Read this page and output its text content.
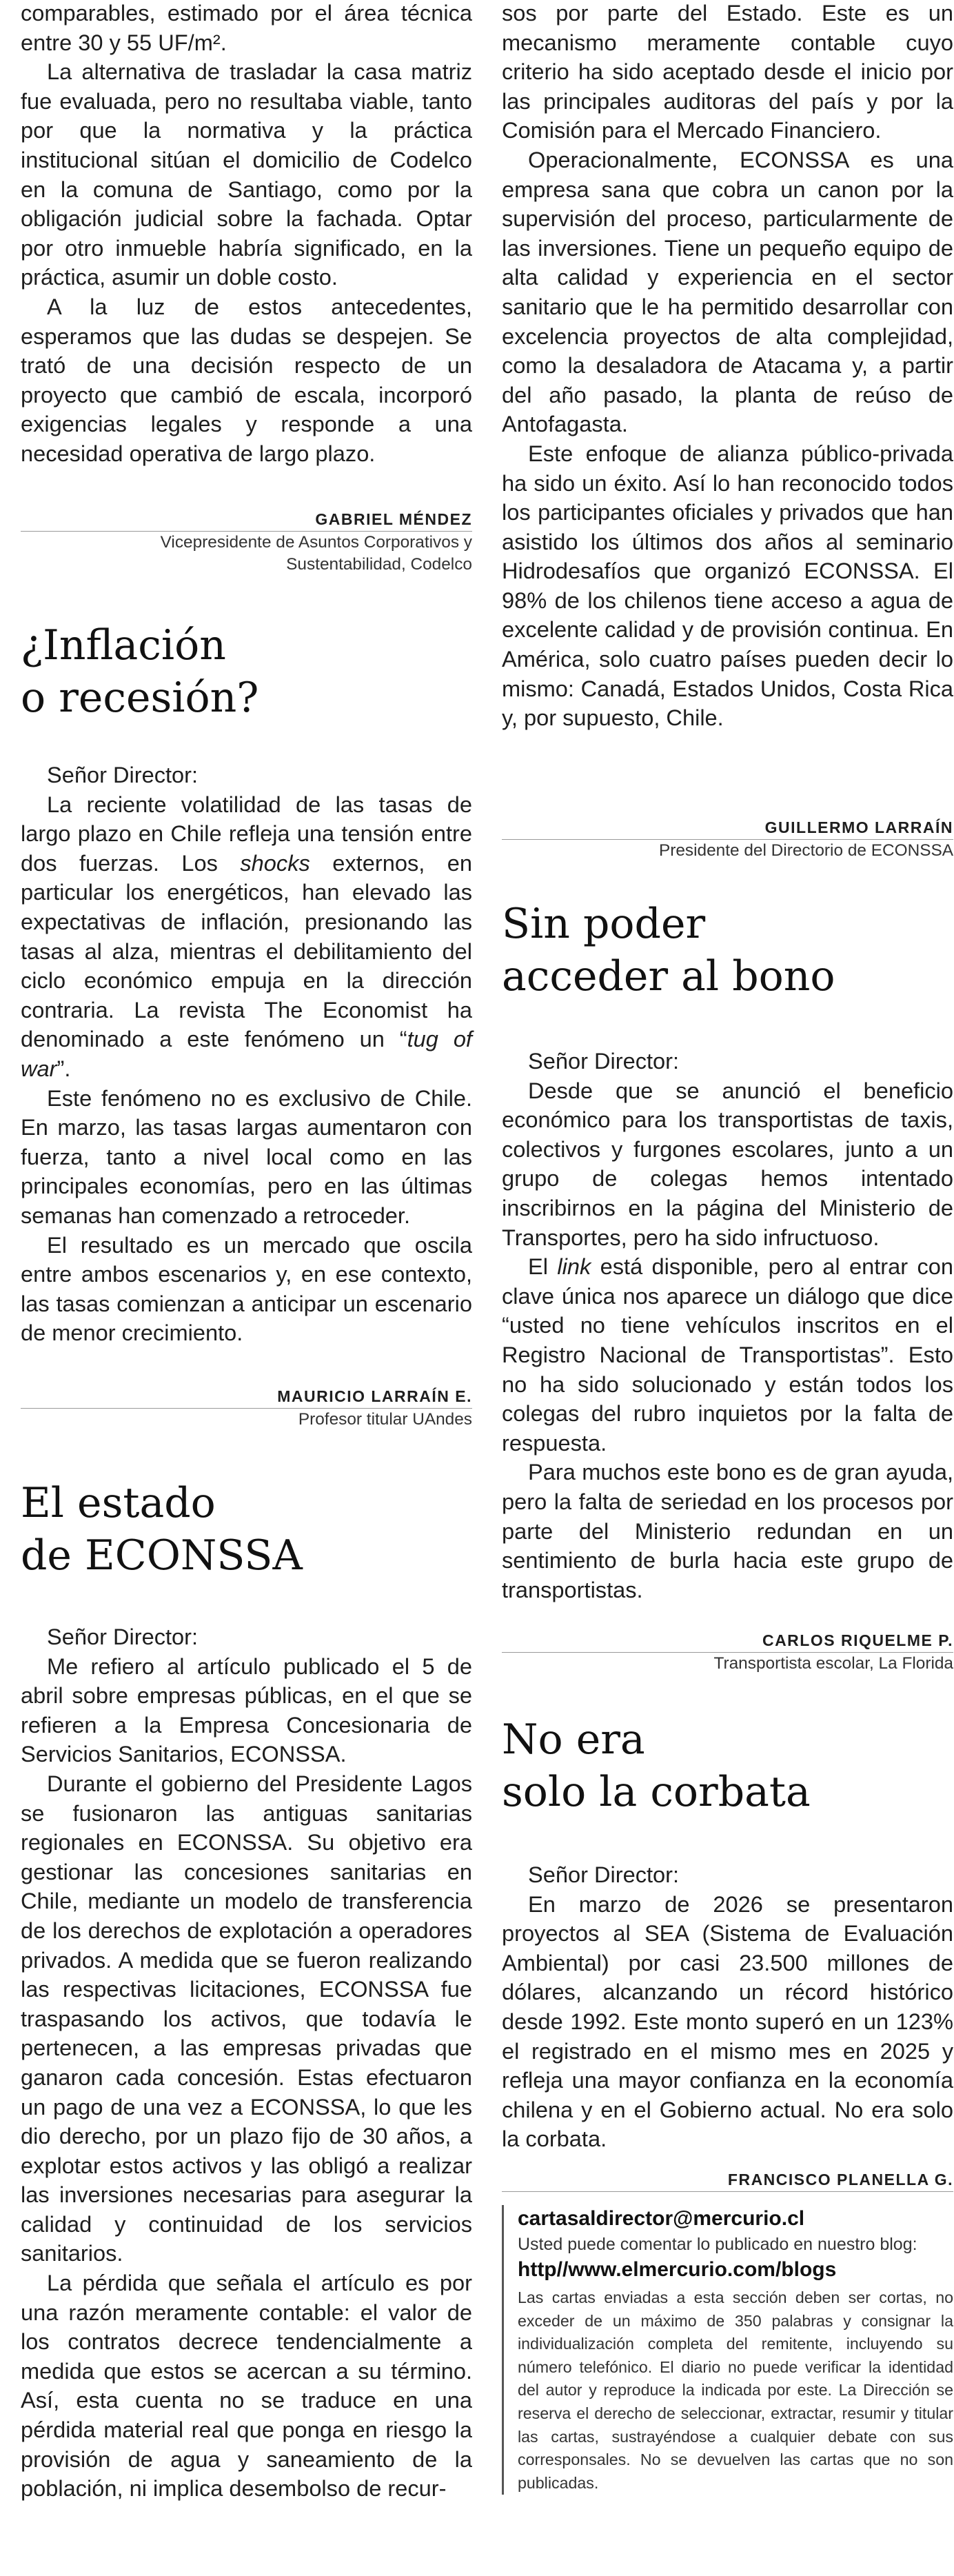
comparables, estimado por el área técnica entre 30 y 55 UF/m².

La alternativa de trasladar la casa matriz fue evaluada, pero no resultaba viable, tanto por que la normativa y la práctica institucional sitúan el domicilio de Codelco en la comuna de Santiago, como por la obligación judicial sobre la fachada. Optar por otro inmueble habría significado, en la práctica, asumir un doble costo.

A la luz de estos antecedentes, esperamos que las dudas se despejen. Se trató de una decisión respecto de un proyecto que cambió de escala, incorporó exigencias legales y responde a una necesidad operativa de largo plazo.

GABRIEL MÉNDEZ
Vicepresidente de Asuntos Corporativos y
Sustentabilidad, Codelco
¿Inflación
o recesión?

Señor Director:

La reciente volatilidad de las tasas de largo plazo en Chile refleja una tensión entre dos fuerzas. Los shocks externos, en particular los energéticos, han elevado las expectativas de inflación, presionando las tasas al alza, mientras el debilitamiento del ciclo económico empuja en la dirección contraria. La revista The Economist ha denominado a este fenómeno un “tug of war”.

Este fenómeno no es exclusivo de Chile. En marzo, las tasas largas aumentaron con fuerza, tanto a nivel local como en las principales economías, pero en las últimas semanas han comenzado a retroceder.

El resultado es un mercado que oscila entre ambos escenarios y, en ese contexto, las tasas comienzan a anticipar un escenario de menor crecimiento.

MAURICIO LARRAÍN E.
Profesor titular UAndes
El estado
de ECONSSA

Señor Director:

Me refiero al artículo publicado el 5 de abril sobre empresas públicas, en el que se refieren a la Empresa Concesionaria de Servicios Sanitarios, ECONSSA.

Durante el gobierno del Presidente Lagos se fusionaron las antiguas sanitarias regionales en ECONSSA. Su objetivo era gestionar las concesiones sanitarias en Chile, mediante un modelo de transferencia de los derechos de explotación a operadores privados. A medida que se fueron realizando las respectivas licitaciones, ECONSSA fue traspasando los activos, que todavía le pertenecen, a las empresas privadas que ganaron cada concesión. Estas efectuaron un pago de una vez a ECONSSA, lo que les dio derecho, por un plazo fijo de 30 años, a explotar estos activos y las obligó a realizar las inversiones necesarias para asegurar la calidad y continuidad de los servicios sanitarios.

La pérdida que señala el artículo es por una razón meramente contable: el valor de los contratos decrece tendencialmente a medida que estos se acercan a su término. Así, esta cuenta no se traduce en una pérdida material real que ponga en riesgo la provisión de agua y saneamiento de la población, ni implica desembolso de recur-

sos por parte del Estado. Este es un mecanismo meramente contable cuyo criterio ha sido aceptado desde el inicio por las principales auditoras del país y por la Comisión para el Mercado Financiero.

Operacionalmente, ECONSSA es una empresa sana que cobra un canon por la supervisión del proceso, particularmente de las inversiones. Tiene un pequeño equipo de alta calidad y experiencia en el sector sanitario que le ha permitido desarrollar con excelencia proyectos de alta complejidad, como la desaladora de Atacama y, a partir del año pasado, la planta de reúso de Antofagasta.

Este enfoque de alianza público-privada ha sido un éxito. Así lo han reconocido todos los participantes oficiales y privados que han asistido los últimos dos años al seminario Hidrodesafíos que organizó ECONSSA. El 98% de los chilenos tiene acceso a agua de excelente calidad y de provisión continua. En América, solo cuatro países pueden decir lo mismo: Canadá, Estados Unidos, Costa Rica y, por supuesto, Chile.

GUILLERMO LARRAÍN
Presidente del Directorio de ECONSSA
Sin poder
acceder al bono

Señor Director:

Desde que se anunció el beneficio económico para los transportistas de taxis, colectivos y furgones escolares, junto a un grupo de colegas hemos intentado inscribirnos en la página del Ministerio de Transportes, pero ha sido infructuoso.

El link está disponible, pero al entrar con clave única nos aparece un diálogo que dice “usted no tiene vehículos inscritos en el Registro Nacional de Transportistas”. Esto no ha sido solucionado y están todos los colegas del rubro inquietos por la falta de respuesta.

Para muchos este bono es de gran ayuda, pero la falta de seriedad en los procesos por parte del Ministerio redundan en un sentimiento de burla hacia este grupo de transportistas.

CARLOS RIQUELME P.
Transportista escolar, La Florida
No era
solo la corbata

Señor Director:

En marzo de 2026 se presentaron proyectos al SEA (Sistema de Evaluación Ambiental) por casi 23.500 millones de dólares, alcanzando un récord histórico desde 1992. Este monto superó en un 123% el registrado en el mismo mes en 2025 y refleja una mayor confianza en la economía chilena y en el Gobierno actual. No era solo la corbata.

FRANCISCO PLANELLA G.
cartasaldirector@mercurio.cl
Usted puede comentar lo publicado en nuestro blog:
http//www.elmercurio.com/blogs

Las cartas enviadas a esta sección deben ser cortas, no exceder de un máximo de 350 palabras y consignar la individualización completa del remitente, incluyendo su número telefónico. El diario no puede verificar la identidad del autor y reproduce la indicada por este. La Dirección se reserva el derecho de seleccionar, extractar, resumir y titular las cartas, sustrayéndose a cualquier debate con sus corresponsales. No se devuelven las cartas que no son publicadas.
